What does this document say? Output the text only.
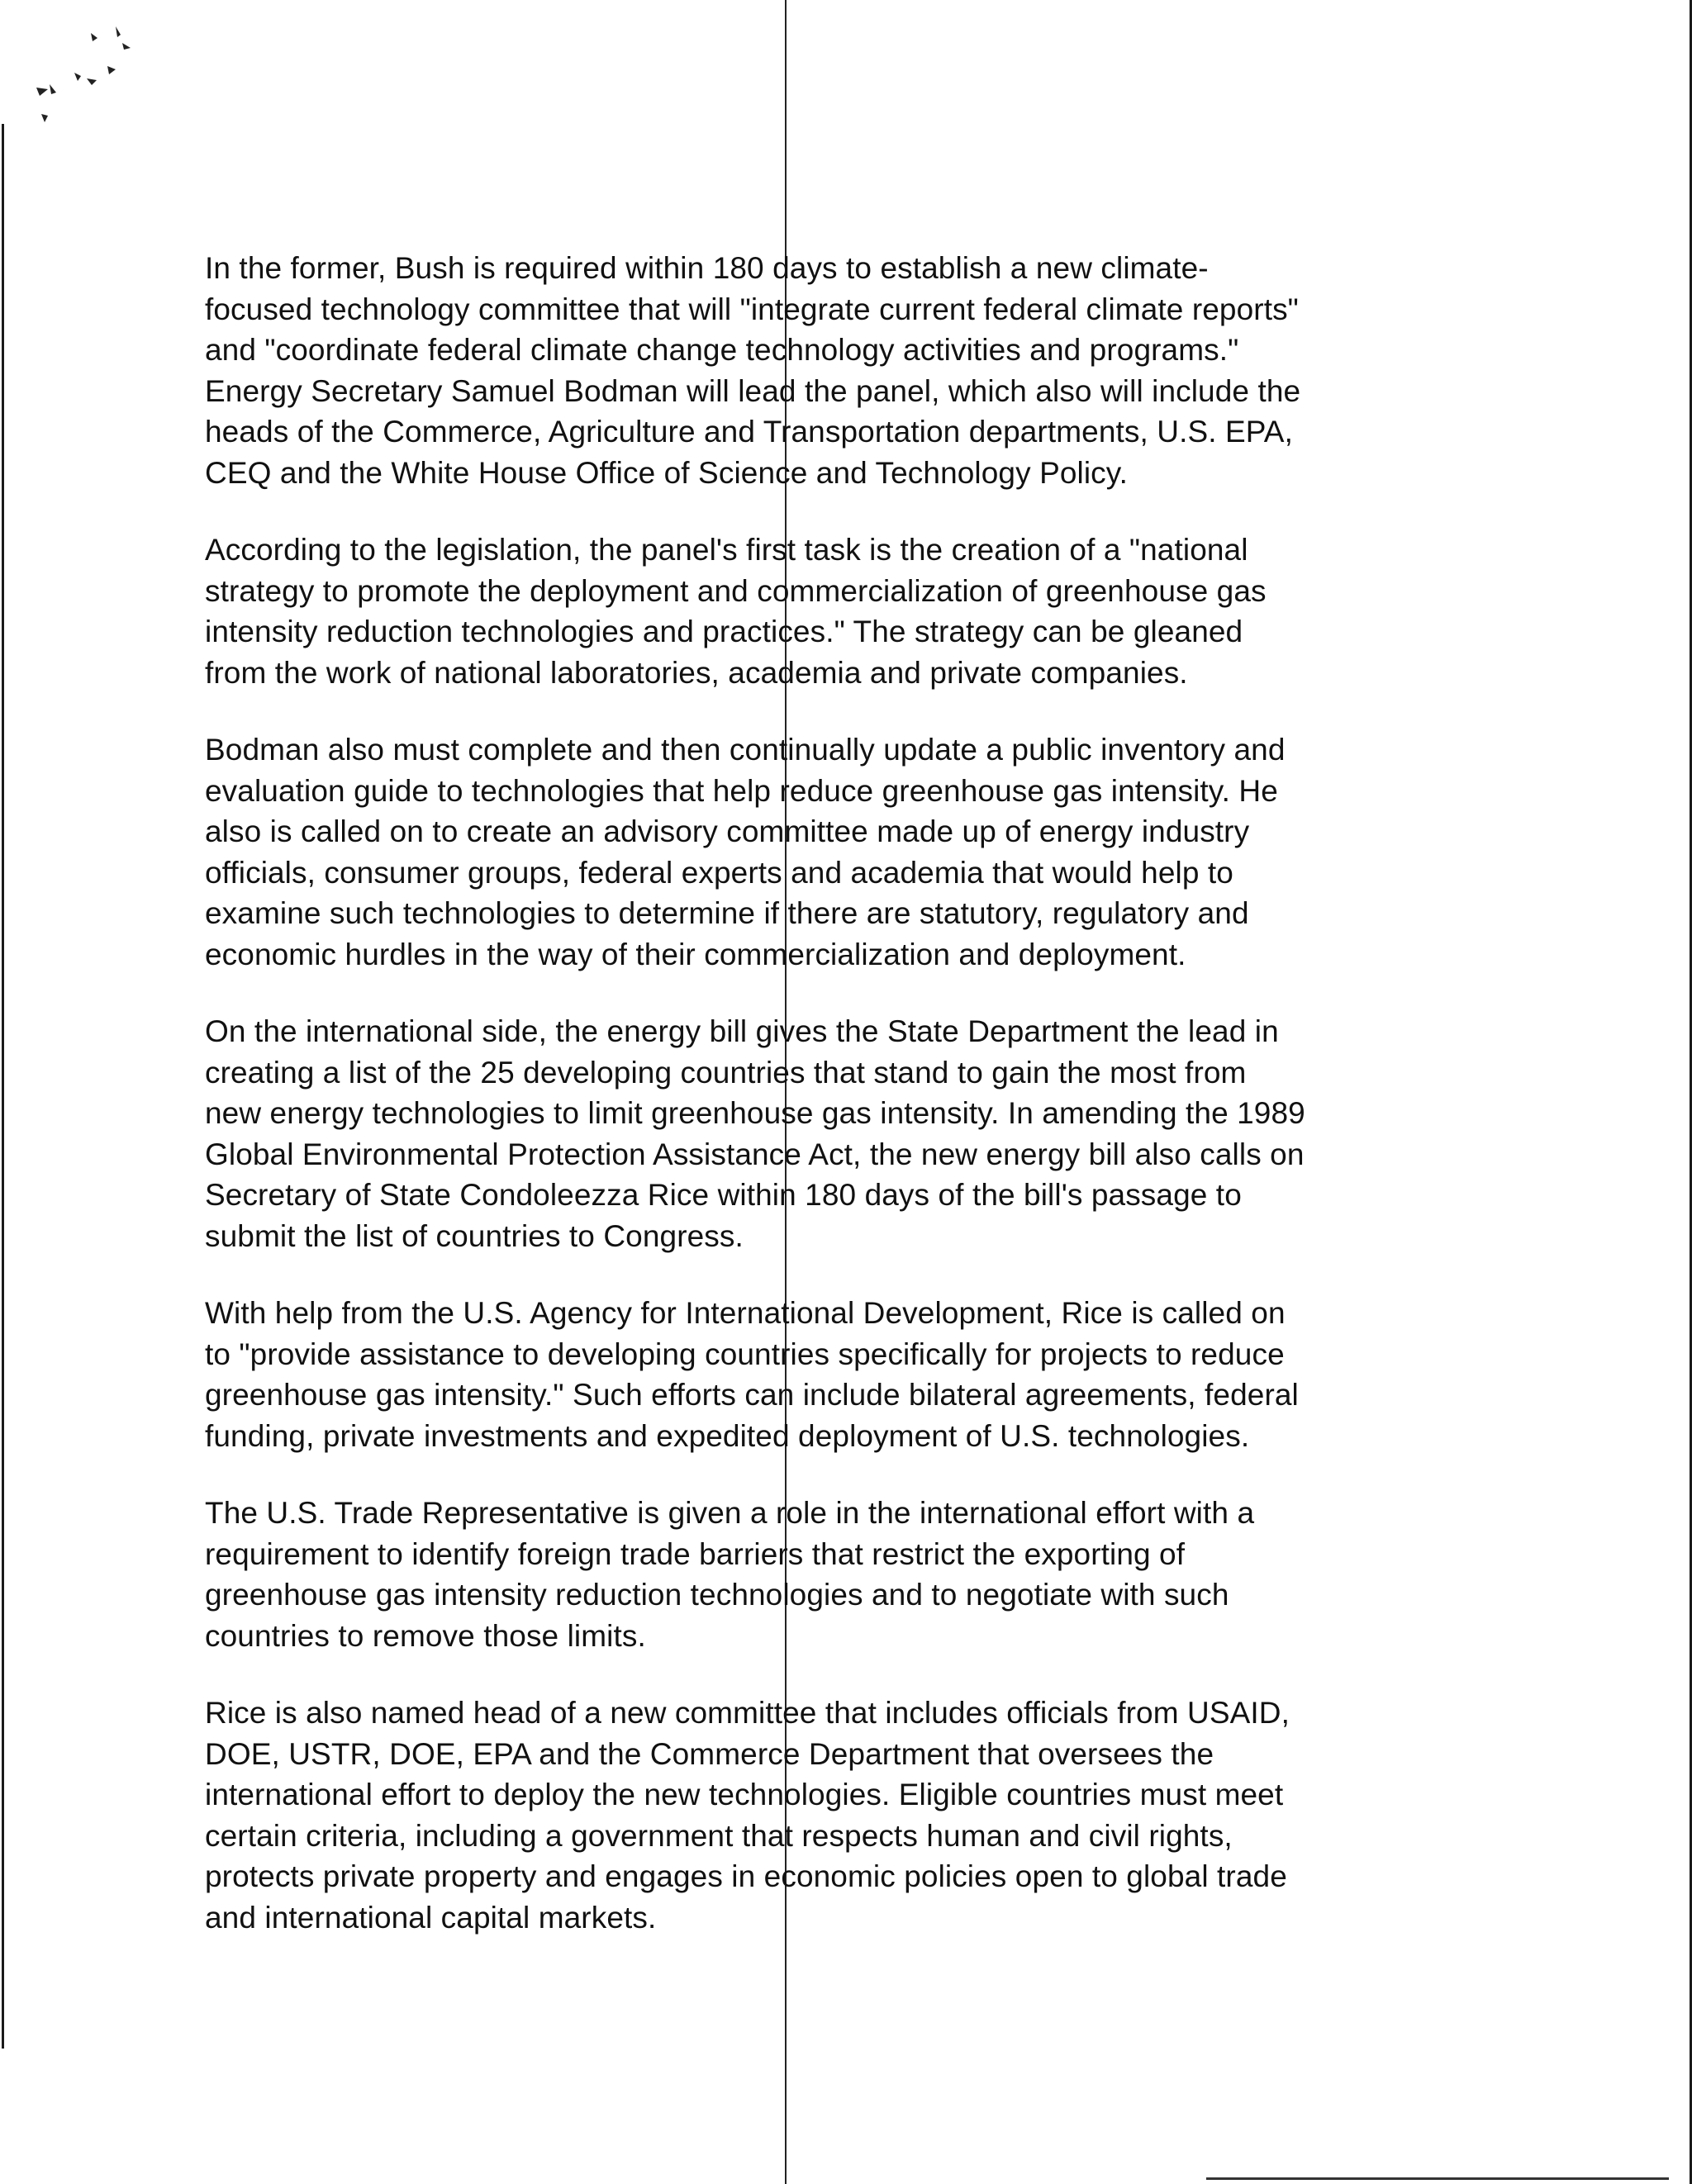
In the former, Bush is required within 180 days to establish a new climate-
focused technology committee that will "integrate current federal climate reports"
and "coordinate federal climate change technology activities and programs."
Energy Secretary Samuel Bodman will lead the panel, which also will include the
heads of the Commerce, Agriculture and Transportation departments, U.S. EPA,
CEQ and the White House Office of Science and Technology Policy.

According to the legislation, the panel's first task is the creation of a "national
strategy to promote the deployment and commercialization of greenhouse gas
intensity reduction technologies and practices." The strategy can be gleaned
from the work of national laboratories, academia and private companies.

Bodman also must complete and then continually update a public inventory and
evaluation guide to technologies that help reduce greenhouse gas intensity. He
also is called on to create an advisory committee made up of energy industry
officials, consumer groups, federal experts and academia that would help to
examine such technologies to determine if there are statutory, regulatory and
economic hurdles in the way of their commercialization and deployment.

On the international side, the energy bill gives the State Department the lead in
creating a list of the 25 developing countries that stand to gain the most from
new energy technologies to limit greenhouse gas intensity. In amending the 1989
Global Environmental Protection Assistance Act, the new energy bill also calls on
Secretary of State Condoleezza Rice within 180 days of the bill's passage to
submit the list of countries to Congress.

With help from the U.S. Agency for International Development, Rice is called on
to "provide assistance to developing countries specifically for projects to reduce
greenhouse gas intensity." Such efforts can include bilateral agreements, federal
funding, private investments and expedited deployment of U.S. technologies.

The U.S. Trade Representative is given a role in the international effort with a
requirement to identify foreign trade barriers that restrict the exporting of
greenhouse gas intensity reduction technologies and to negotiate with such
countries to remove those limits.

Rice is also named head of a new committee that includes officials from USAID,
DOE, USTR, DOE, EPA and the Commerce Department that oversees the
international effort to deploy the new technologies. Eligible countries must meet
certain criteria, including a government that respects human and civil rights,
protects private property and engages in economic policies open to global trade
and international capital markets.
